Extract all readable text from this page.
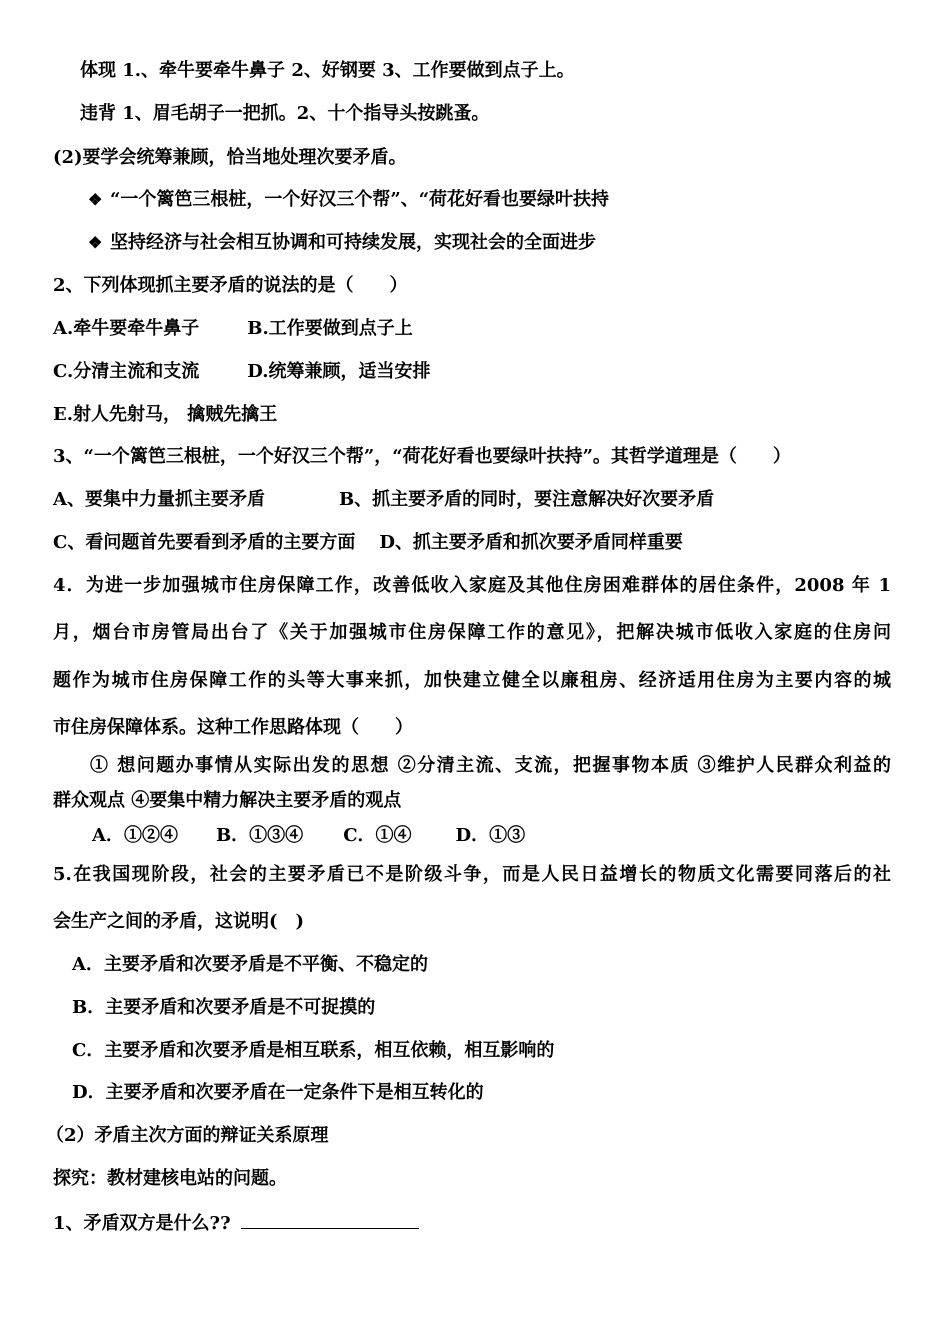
体现 1.、牵牛要牵牛鼻子 2、好钢要 3、工作要做到点子上。
违背 1、眉毛胡子一把抓。2、十个指导头按跳蚤。
(2)要学会统筹兼顾，恰当地处理次要矛盾。
❖ “一个篱笆三根桩，一个好汉三个帮”、“荷花好看也要绿叶扶持
❖ 坚持经济与社会相互协调和可持续发展，实现社会的全面进步
2、下列体现抓主要矛盾的说法的是（　　）
A.牵牛要牵牛鼻子	B.工作要做到点子上
C.分清主流和支流	D.统筹兼顾，适当安排
E.射人先射马， 擒贼先擒王
3、“一个篱笆三根桩，一个好汉三个帮”，“荷花好看也要绿叶扶持”。其哲学道理是（　　）
A、要集中力量抓主要矛盾	B、抓主要矛盾的同时，要注意解决好次要矛盾
C、看问题首先要看到矛盾的主要方面 D、抓主要矛盾和抓次要矛盾同样重要
4．为进一步加强城市住房保障工作，改善低收入家庭及其他住房困难群体的居住条件，2008 年 1
月，烟台市房管局出台了《关于加强城市住房保障工作的意见》，把解决城市低收入家庭的住房问
题作为城市住房保障工作的头等大事来抓，加快建立健全以廉租房、经济适用住房为主要内容的城
市住房保障体系。这种工作思路体现（　　）
① 想问题办事情从实际出发的思想 ②分清主流、支流，把握事物本质 ③维护人民群众利益的
群众观点 ④要集中精力解决主要矛盾的观点
A．①②④ B．①③④ C．①④ D．①③
5.在我国现阶段，社会的主要矛盾已不是阶级斗争，而是人民日益增长的物质文化需要同落后的社
会生产之间的矛盾，这说明(　)
A．主要矛盾和次要矛盾是不平衡、不稳定的
B．主要矛盾和次要矛盾是不可捉摸的
C．主要矛盾和次要矛盾是相互联系，相互依赖，相互影响的
D．主要矛盾和次要矛盾在一定条件下是相互转化的
（2）矛盾主次方面的辩证关系原理
探究：教材建核电站的问题。
1、矛盾双方是什么??
